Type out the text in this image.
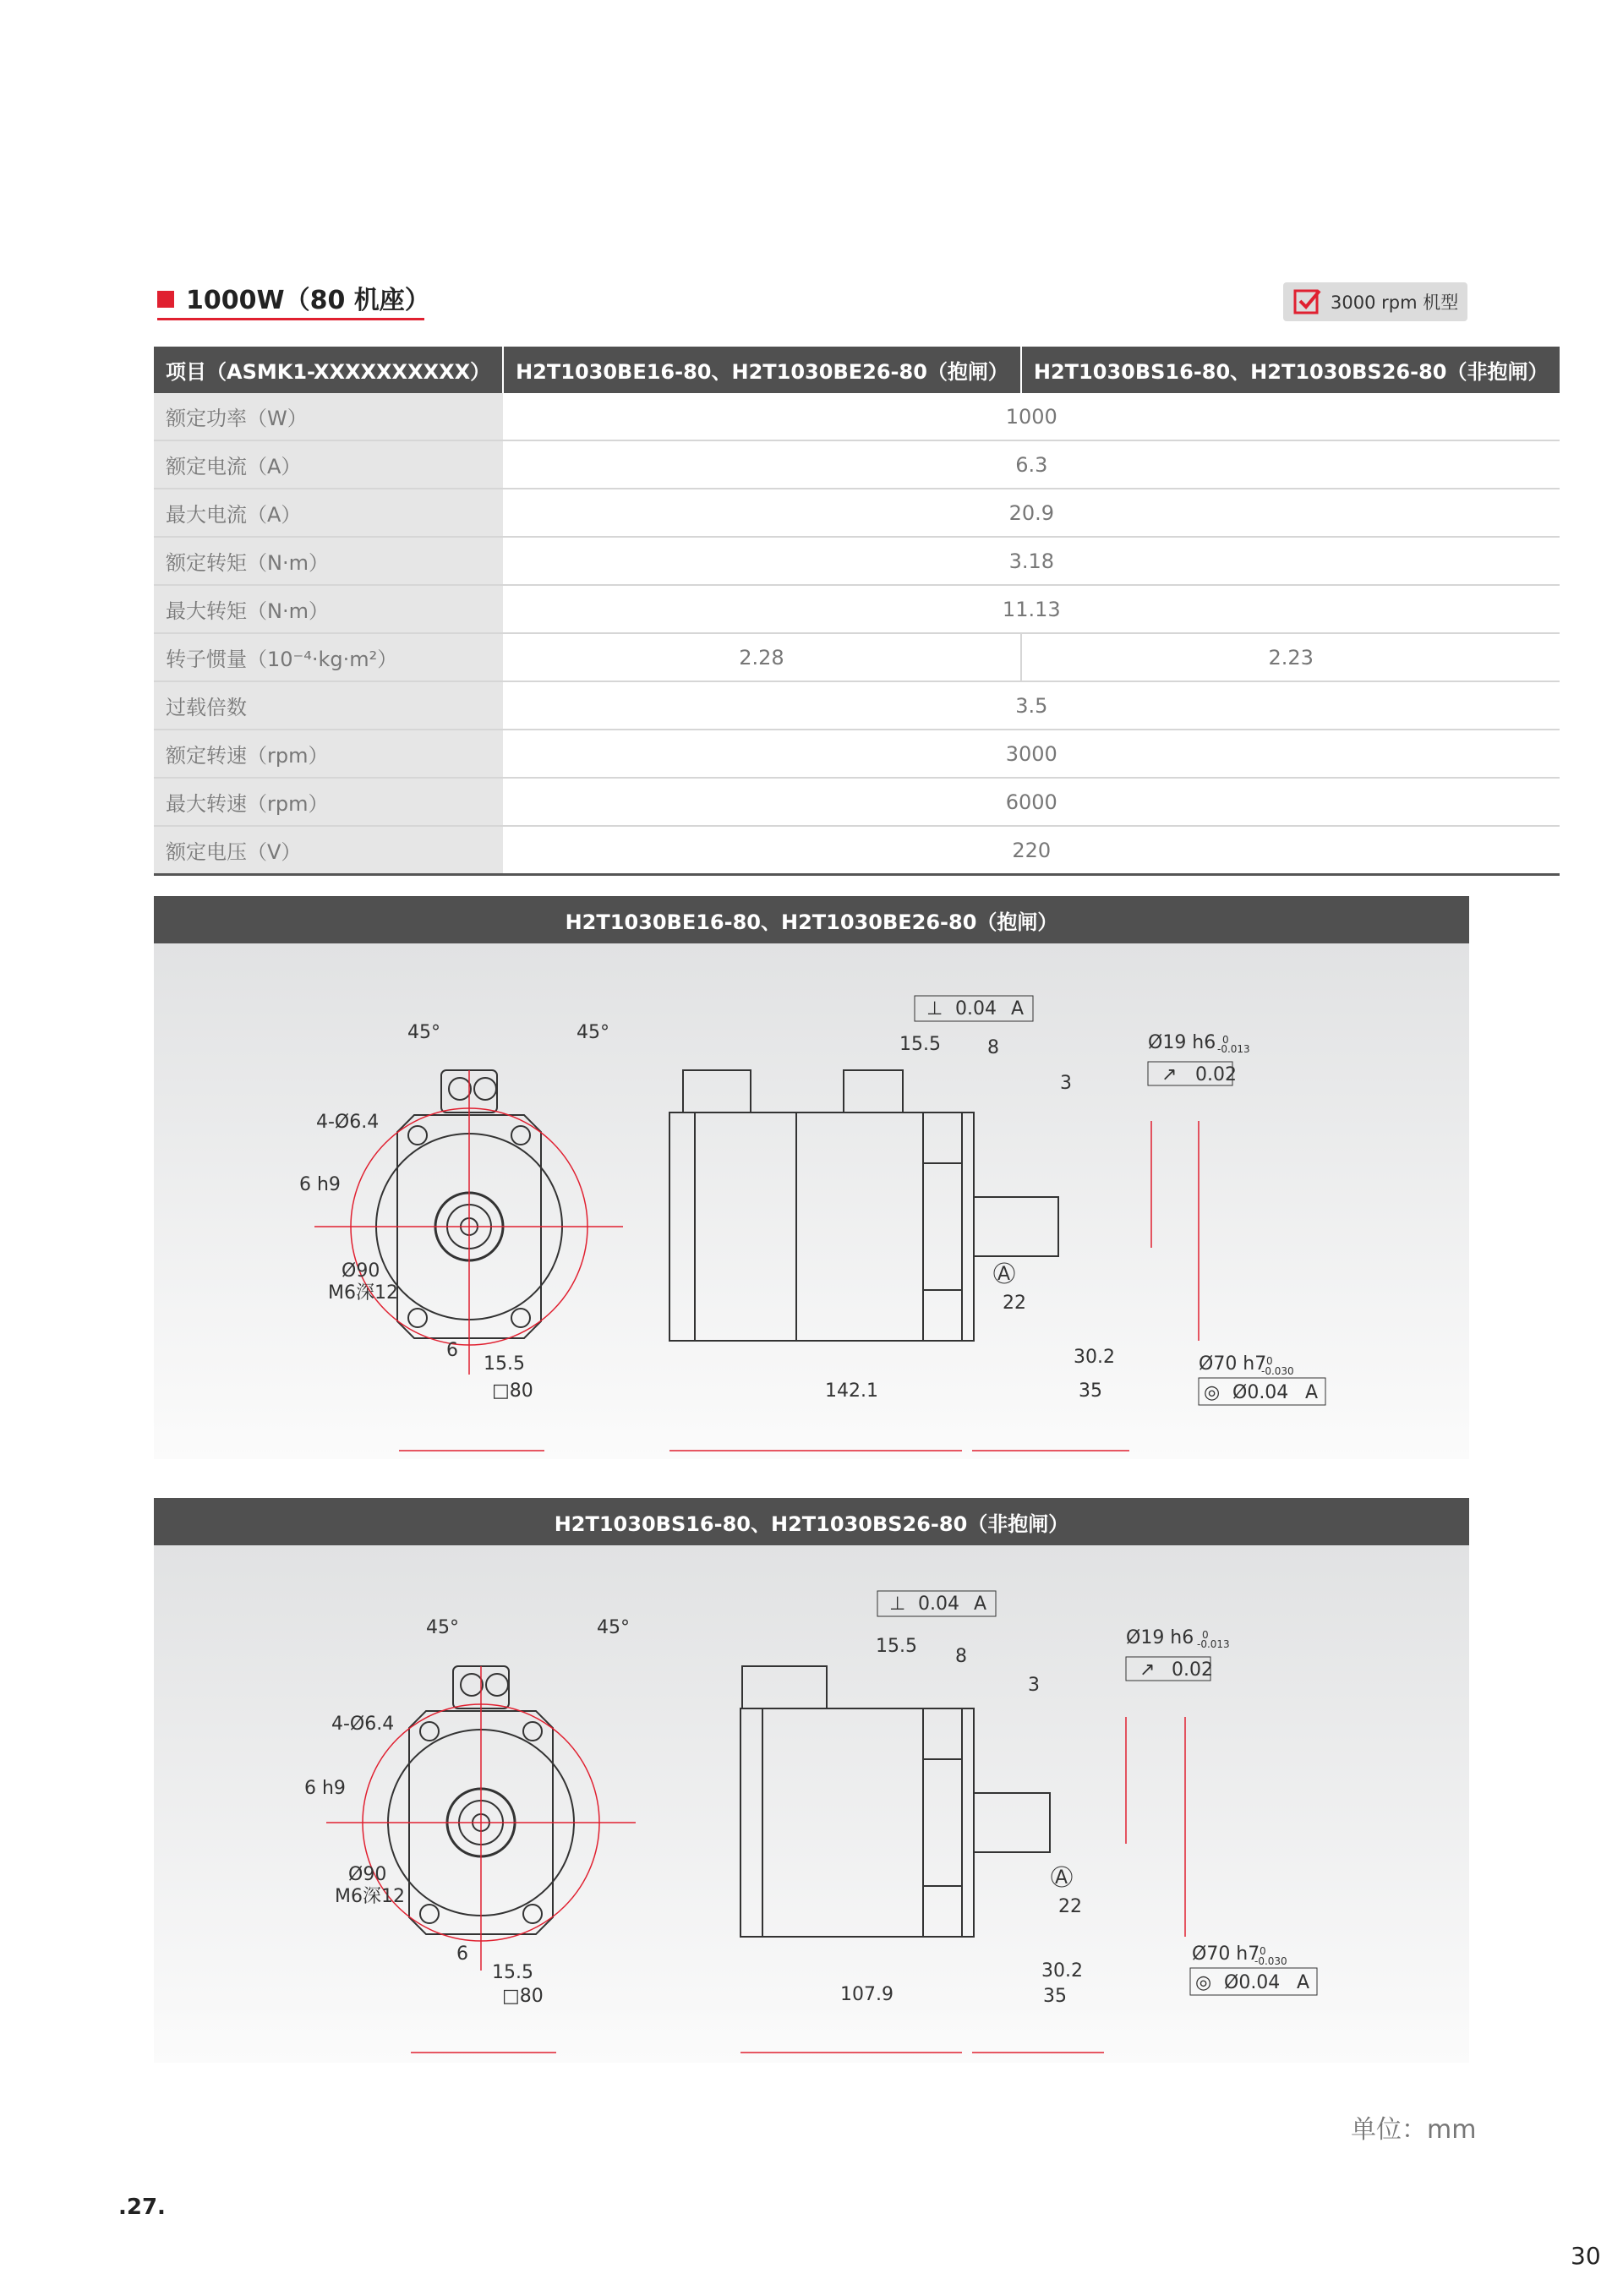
1000W（80 机座）	3000 rpm 机型
项目（ASMK1-XXXXXXXXXX）	H2T1030BE16-80、H2T1030BE26-80（抱闸）	H2T1030BS16-80、H2T1030BS26-80（非抱闸）
额定功率（W）	1000	
额定电流（A）	6.3	
最大电流（A）	20.9	
额定转矩（N·m）	3.18	
最大转矩（N·m）	11.13	
转子惯量（10⁻⁴·kg·m²）	2.28	2.23
过载倍数	3.5	
额定转速（rpm）	3000	
最大转速（rpm）	6000	
额定电压（V）	220	
H2T1030BE16-80、H2T1030BE26-80（抱闸）
45°	45°
4-Ø6.4
6 h9
Ø90
M6深12
6
15.5
□80	142.1
15.5	8
3
Ø19 h6 0
-0.013
↗ 0.02
⊥ 0.04 A
A
22
30.2
35
Ø70 h7 0
-0.030
◎ Ø0.04 A
H2T1030BS16-80、H2T1030BS26-80（非抱闸）
45°	45°
4-Ø6.4
6 h9
Ø90
M6深12
6
15.5
□80	107.9
15.5 8
3
Ø19 h6 0
-0.013
↗ 0.02
⊥ 0.04 A
A
22
30.2
35
Ø70 h7 0
-0.030
◎ Ø0.04 A
单位：mm
.27.
30
